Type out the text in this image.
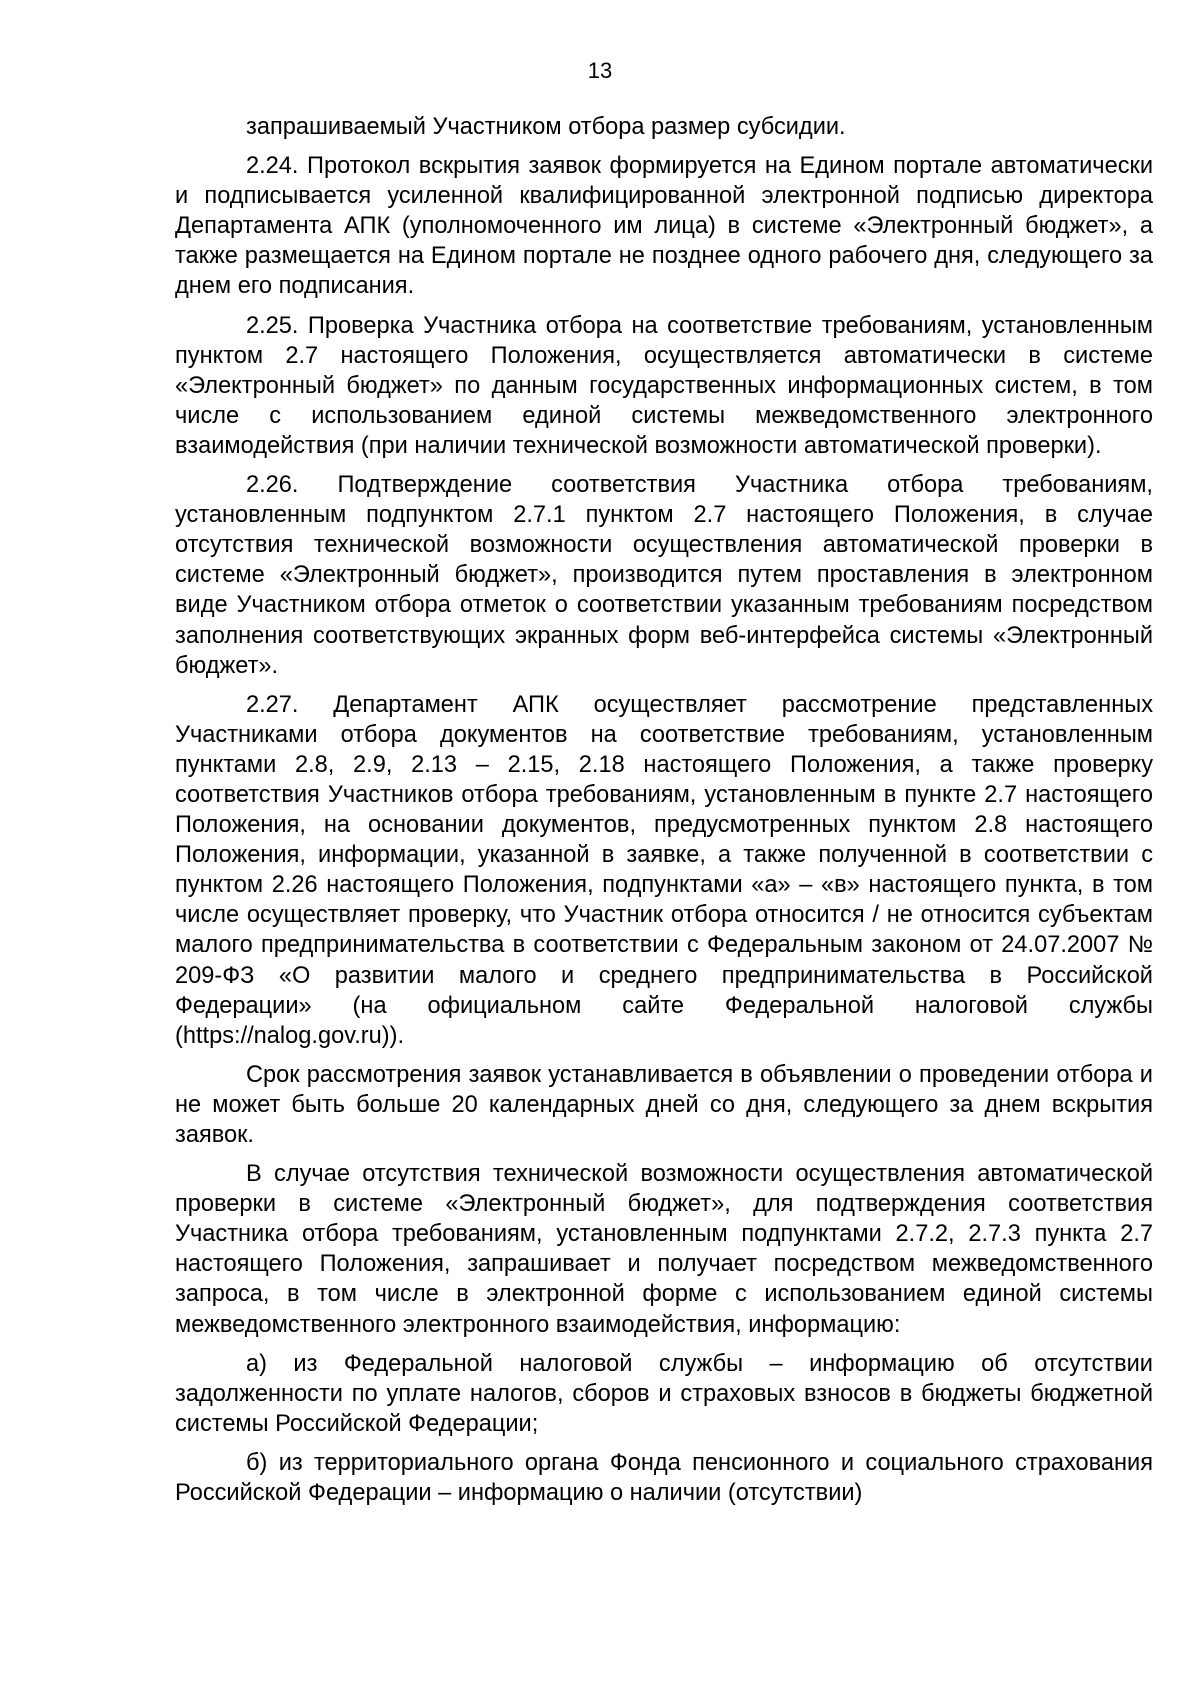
13

запрашиваемый Участником отбора размер субсидии.

2.24. Протокол вскрытия заявок формируется на Едином портале автоматически и подписывается усиленной квалифицированной электронной подписью директора Департамента АПК (уполномоченного им лица) в системе «Электронный бюджет», а также размещается на Едином портале не позднее одного рабочего дня, следующего за днем его подписания.

2.25. Проверка Участника отбора на соответствие требованиям, установленным пунктом 2.7 настоящего Положения, осуществляется автоматически в системе «Электронный бюджет» по данным государственных информационных систем, в том числе с использованием единой системы межведомственного электронного взаимодействия (при наличии технической возможности автоматической проверки).

2.26. Подтверждение соответствия Участника отбора требованиям, установленным подпунктом 2.7.1 пунктом 2.7 настоящего Положения, в случае отсутствия технической возможности осуществления автоматической проверки в системе «Электронный бюджет», производится путем проставления в электронном виде Участником отбора отметок о соответствии указанным требованиям посредством заполнения соответствующих экранных форм веб-интерфейса системы «Электронный бюджет».

2.27. Департамент АПК осуществляет рассмотрение представленных Участниками отбора документов на соответствие требованиям, установленным пунктами 2.8, 2.9, 2.13 – 2.15, 2.18 настоящего Положения, а также проверку соответствия Участников отбора требованиям, установленным в пункте 2.7 настоящего Положения, на основании документов, предусмотренных пунктом 2.8 настоящего Положения, информации, указанной в заявке, а также полученной в соответствии с пунктом 2.26 настоящего Положения, подпунктами «а» – «в» настоящего пункта, в том числе осуществляет проверку, что Участник отбора относится / не относится субъектам малого предпринимательства в соответствии с Федеральным законом от 24.07.2007 № 209-ФЗ «О развитии малого и среднего предпринимательства в Российской Федерации» (на официальном сайте Федеральной налоговой службы (https://nalog.gov.ru)).

Срок рассмотрения заявок устанавливается в объявлении о проведении отбора и не может быть больше 20 календарных дней со дня, следующего за днем вскрытия заявок.

В случае отсутствия технической возможности осуществления автоматической проверки в системе «Электронный бюджет», для подтверждения соответствия Участника отбора требованиям, установленным подпунктами 2.7.2, 2.7.3 пункта 2.7 настоящего Положения, запрашивает и получает посредством межведомственного запроса, в том числе в электронной форме с использованием единой системы межведомственного электронного взаимодействия, информацию:

а) из Федеральной налоговой службы – информацию об отсутствии задолженности по уплате налогов, сборов и страховых взносов в бюджеты бюджетной системы Российской Федерации;

б) из территориального органа Фонда пенсионного и социального страхования Российской Федерации – информацию о наличии (отсутствии)
